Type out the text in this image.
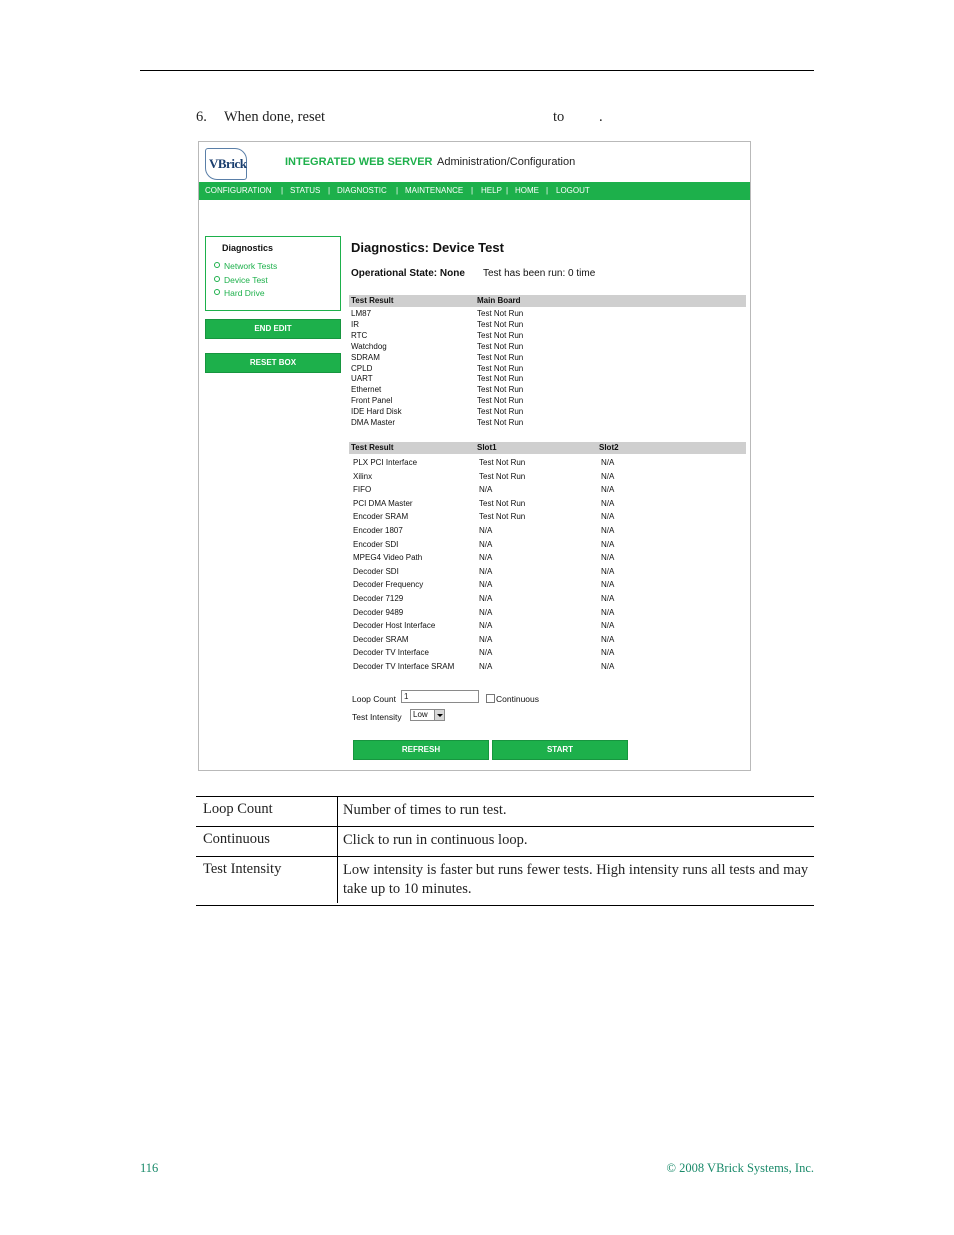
6. When done, reset	to .
VBrick	INTEGRATED WEB SERVER Administration/Configuration
CONFIGURATION | STATUS | DIAGNOSTIC | MAINTENANCE | HELP | HOME | LOGOUT
Diagnostics
Network Tests
Device Test
Hard Drive
END EDIT
RESET BOX
Diagnostics: Device Test
Operational State: None Test has been run: 0 time
Test Result	Main Board
LM87	Test Not Run
IR	Test Not Run
RTC	Test Not Run
Watchdog	Test Not Run
SDRAM	Test Not Run
CPLD	Test Not Run
UART	Test Not Run
Ethernet	Test Not Run
Front Panel	Test Not Run
IDE Hard Disk	Test Not Run
DMA Master	Test Not Run
Test Result	Slot1	Slot2
PLX PCI Interface	Test Not Run	N/A
Xilinx	Test Not Run	N/A
FIFO	N/A	N/A
PCI DMA Master	Test Not Run	N/A
Encoder SRAM	Test Not Run	N/A
Encoder 1807	N/A	N/A
Encoder SDI	N/A	N/A
MPEG4 Video Path	N/A	N/A
Decoder SDI	N/A	N/A
Decoder Frequency	N/A	N/A
Decoder 7129	N/A	N/A
Decoder 9489	N/A	N/A
Decoder Host Interface	N/A	N/A
Decoder SRAM	N/A	N/A
Decoder TV Interface	N/A	N/A
Decoder TV Interface SRAM	N/A	N/A
Loop Count	1	Continuous
Test Intensity Low
REFRESH	START
Loop Count	Number of times to run test.
Continuous	Click to run in continuous loop.
Test Intensity	Low intensity is faster but runs fewer tests. High intensity runs all tests and may take up to 10 minutes.
116	© 2008 VBrick Systems, Inc.
